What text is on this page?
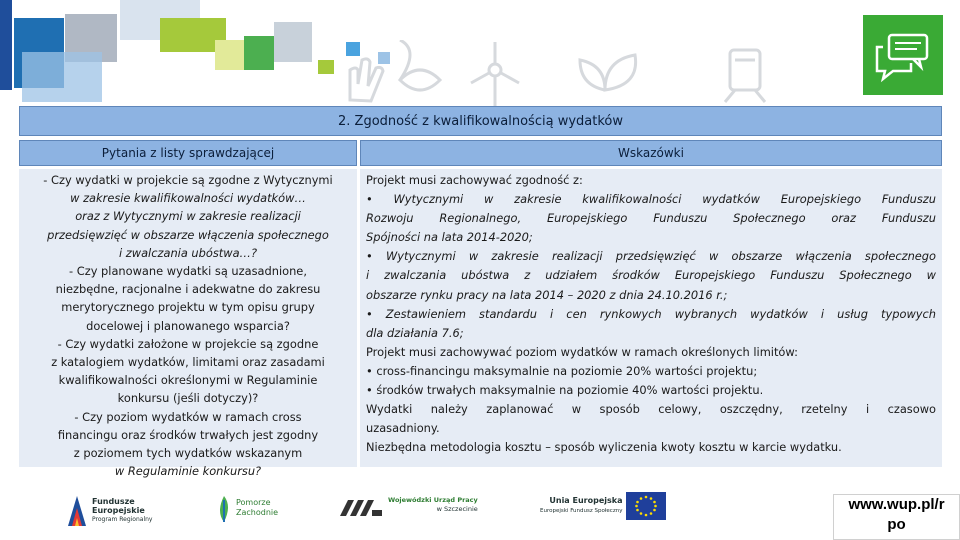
2. Zgodność z kwalifikowalnością wydatków
Pytania z listy sprawdzającej	Wskazówki
- Czy wydatki w projekcie są zgodne z Wytycznymi
w zakresie kwalifikowalności wydatków…
oraz z Wytycznymi w zakresie realizacji
przedsięwzięć w obszarze włączenia społecznego
i zwalczania ubóstwa…?
- Czy planowane wydatki są uzasadnione,
niezbędne, racjonalne i adekwatne do zakresu
merytorycznego projektu w tym opisu grupy
docelowej i planowanego wsparcia?
- Czy wydatki założone w projekcie są zgodne
z katalogiem wydatków, limitami oraz zasadami
kwalifikowalności określonymi w Regulaminie
konkursu (jeśli dotyczy)?
- Czy poziom wydatków w ramach cross
financingu oraz środków trwałych jest zgodny
z poziomem tych wydatków wskazanym
w Regulaminie konkursu?
Projekt musi zachowywać zgodność z:
• Wytycznymi w zakresie kwalifikowalności wydatków Europejskiego Funduszu
Rozwoju Regionalnego, Europejskiego Funduszu Społecznego oraz Funduszu
Spójności na lata 2014-2020;
• Wytycznymi w zakresie realizacji przedsięwzięć w obszarze włączenia społecznego
i zwalczania ubóstwa z udziałem środków Europejskiego Funduszu Społecznego w
obszarze rynku pracy na lata 2014 – 2020 z dnia 24.10.2016 r.;
• Zestawieniem standardu i cen rynkowych wybranych wydatków i usług typowych
dla działania 7.6;
Projekt musi zachowywać poziom wydatków w ramach określonych limitów:
• cross-financingu maksymalnie na poziomie 20% wartości projektu;
• środków trwałych maksymalnie na poziomie 40% wartości projektu.
Wydatki należy zaplanować w sposób celowy, oszczędny, rzetelny i czasowo
uzasadniony.
Niezbędna metodologia kosztu – sposób wyliczenia kwoty kosztu w karcie wydatku.
Fundusze
Europejskie
Program Regionalny
Pomorze
Zachodnie
Wojewódzki Urząd Pracy
w Szczecinie
Unia Europejska
Europejski Fundusz Społeczny	www.wup.pl/r
po
